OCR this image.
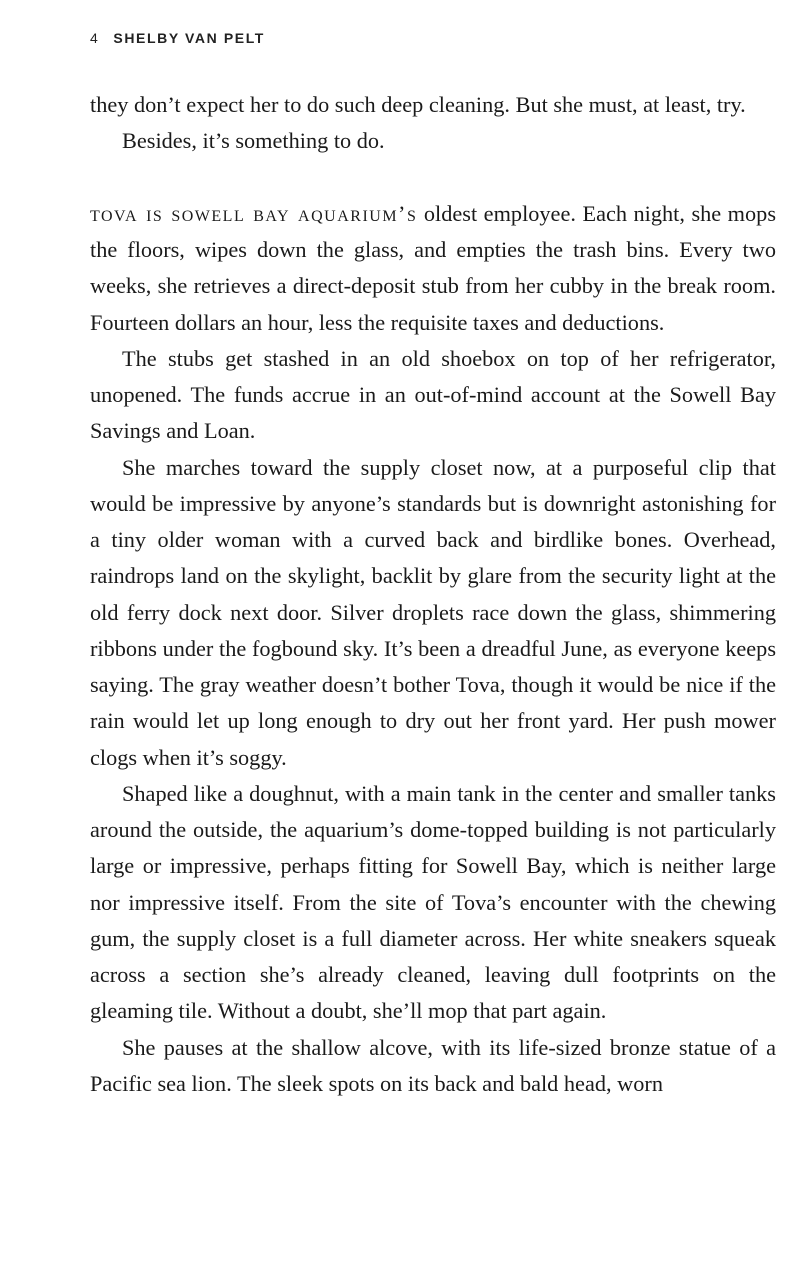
4 SHELBY VAN PELT

they don’t expect her to do such deep cleaning. But she must, at least, try.

Besides, it’s something to do.

tova is sowell bay aquarium’s oldest employee. Each night, she mops the floors, wipes down the glass, and empties the trash bins. Every two weeks, she retrieves a direct-deposit stub from her cubby in the break room. Fourteen dollars an hour, less the requisite taxes and deductions.

The stubs get stashed in an old shoebox on top of her refrigerator, unopened. The funds accrue in an out-of-mind account at the Sowell Bay Savings and Loan.

She marches toward the supply closet now, at a purposeful clip that would be impressive by anyone’s standards but is downright astonishing for a tiny older woman with a curved back and birdlike bones. Overhead, raindrops land on the skylight, backlit by glare from the security light at the old ferry dock next door. Silver droplets race down the glass, shimmering ribbons under the fogbound sky. It’s been a dreadful June, as everyone keeps saying. The gray weather doesn’t bother Tova, though it would be nice if the rain would let up long enough to dry out her front yard. Her push mower clogs when it’s soggy.

Shaped like a doughnut, with a main tank in the center and smaller tanks around the outside, the aquarium’s dome-topped building is not particularly large or impressive, perhaps fitting for Sowell Bay, which is neither large nor impressive itself. From the site of Tova’s encounter with the chewing gum, the supply closet is a full diameter across. Her white sneakers squeak across a section she’s already cleaned, leaving dull footprints on the gleaming tile. Without a doubt, she’ll mop that part again.

She pauses at the shallow alcove, with its life-sized bronze statue of a Pacific sea lion. The sleek spots on its back and bald head, worn
